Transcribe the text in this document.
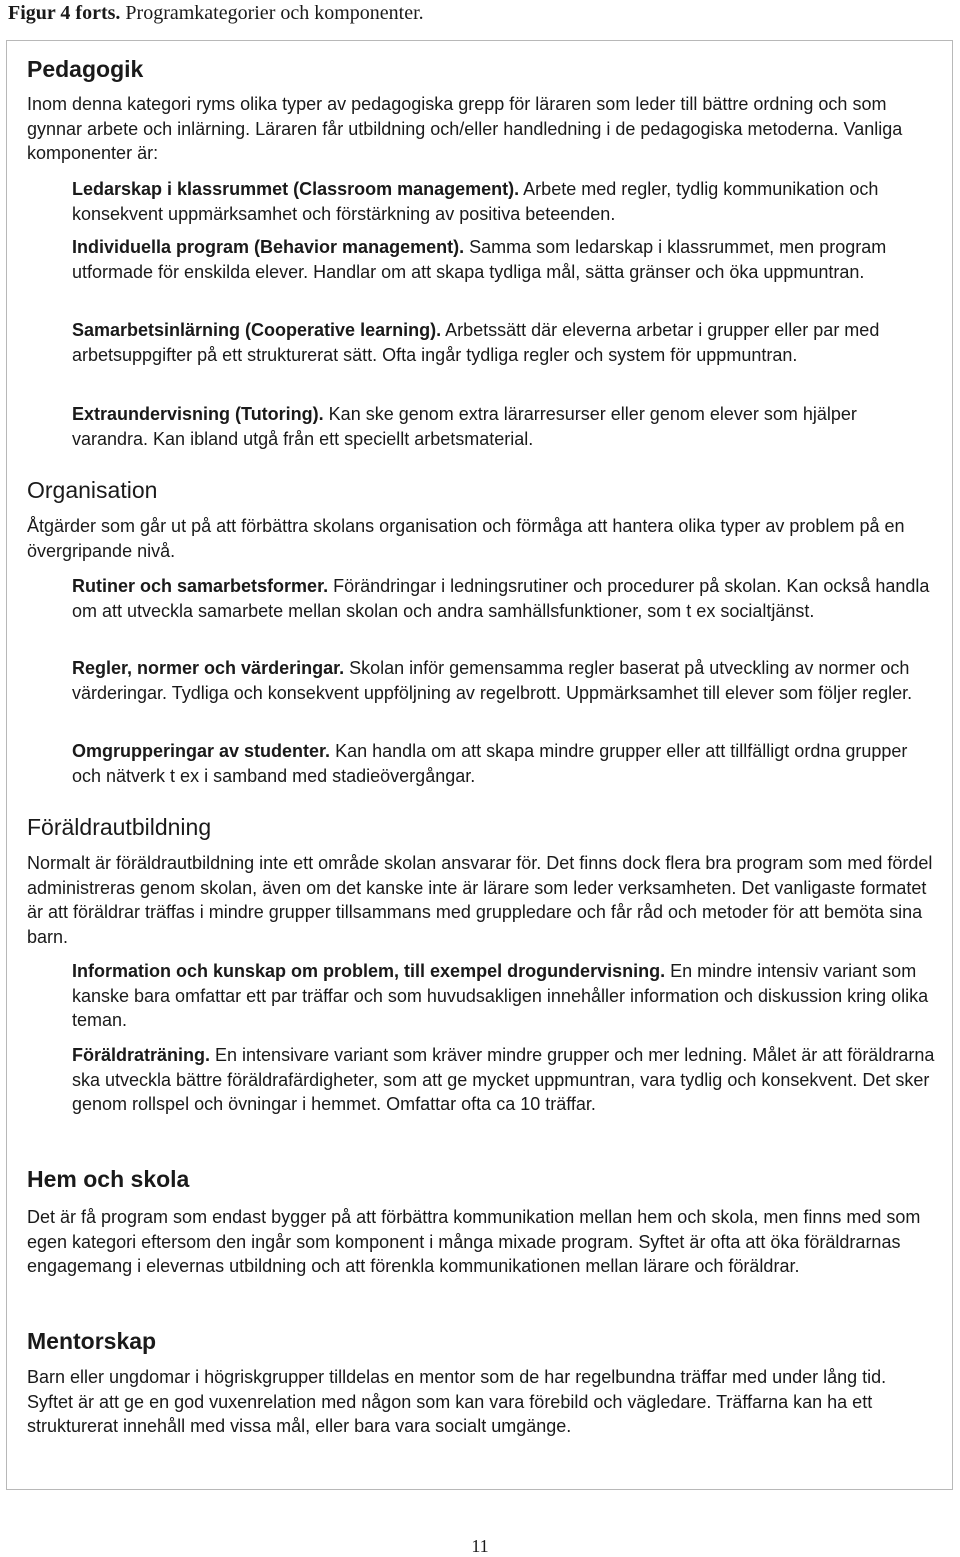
Figur 4 forts. Programkategorier och komponenter.
Pedagogik

Inom denna kategori ryms olika typer av pedagogiska grepp för läraren som leder till bättre ordning och som gynnar arbete och inlärning. Läraren får utbildning och/eller handledning i de pedagogiska metoderna. Vanliga komponenter är:

Ledarskap i klassrummet (Classroom management). Arbete med regler, tydlig kommunikation och konsekvent uppmärksamhet och förstärkning av positiva beteenden.
Individuella program (Behavior management). Samma som ledarskap i klassrummet, men program utformade för enskilda elever. Handlar om att skapa tydliga mål, sätta gränser och öka uppmuntran.
Samarbetsinlärning (Cooperative learning). Arbetssätt där eleverna arbetar i grupper eller par med arbetsuppgifter på ett strukturerat sätt. Ofta ingår tydliga regler och system för uppmuntran.
Extraundervisning (Tutoring). Kan ske genom extra lärarresurser eller genom elever som hjälper varandra. Kan ibland utgå från ett speciellt arbetsmaterial.
Organisation

Åtgärder som går ut på att förbättra skolans organisation och förmåga att hantera olika typer av problem på en övergripande nivå.

Rutiner och samarbetsformer. Förändringar i ledningsrutiner och procedurer på skolan. Kan också handla om att utveckla samarbete mellan skolan och andra samhällsfunktioner, som t ex socialtjänst.
Regler, normer och värderingar. Skolan inför gemensamma regler baserat på utveckling av normer och värderingar. Tydliga och konsekvent uppföljning av regelbrott. Uppmärksamhet till elever som följer regler.
Omgrupperingar av studenter. Kan handla om att skapa mindre grupper eller att tillfälligt ordna grupper och nätverk t ex i samband med stadieövergångar.
Föräldrautbildning

Normalt är föräldrautbildning inte ett område skolan ansvarar för. Det finns dock flera bra program som med fördel administreras genom skolan, även om det kanske inte är lärare som leder verksamheten. Det vanligaste formatet är att föräldrar träffas i mindre grupper tillsammans med gruppledare och får råd och metoder för att bemöta sina barn.

Information och kunskap om problem, till exempel drogundervisning. En mindre intensiv variant som kanske bara omfattar ett par träffar och som huvudsakligen innehåller information och diskussion kring olika teman.
Föräldraträning. En intensivare variant som kräver mindre grupper och mer ledning. Målet är att föräldrarna ska utveckla bättre föräldrafärdigheter, som att ge mycket uppmuntran, vara tydlig och konsekvent. Det sker genom rollspel och övningar i hemmet. Omfattar ofta ca 10 träffar.
Hem och skola

Det är få program som endast bygger på att förbättra kommunikation mellan hem och skola, men finns med som egen kategori eftersom den ingår som komponent i många mixade program. Syftet är ofta att öka föräldrarnas engagemang i elevernas utbildning och att förenkla kommunikationen mellan lärare och föräldrar.

Mentorskap

Barn eller ungdomar i högriskgrupper tilldelas en mentor som de har regelbundna träffar med under lång tid. Syftet är att ge en god vuxenrelation med någon som kan vara förebild och vägledare. Träffarna kan ha ett strukturerat innehåll med vissa mål, eller bara vara socialt umgänge.

11
